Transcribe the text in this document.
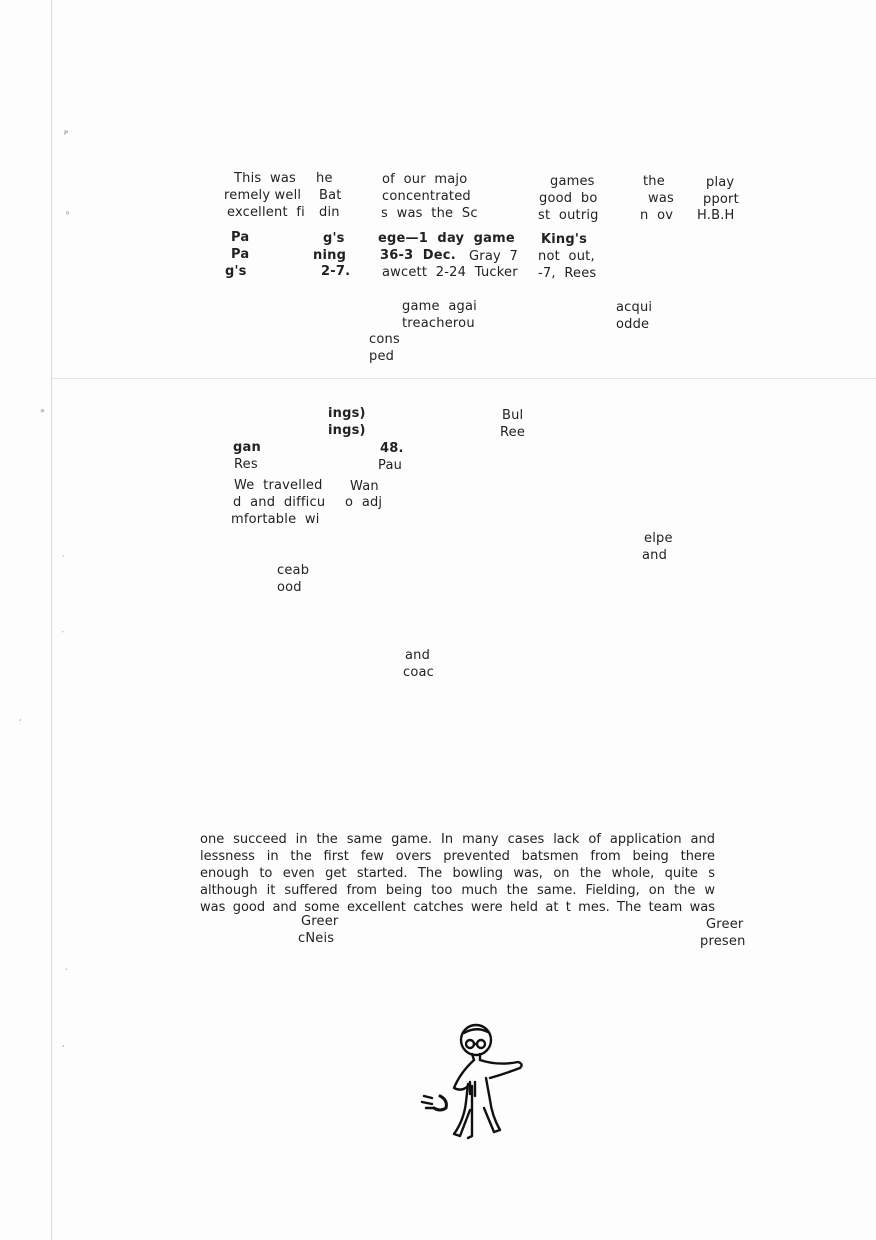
ᴘ
ᴮ
»
·
′
¸
´
ʻ
This  was he	of  our  majo	games	the	play
remely well Bat	concentrated	good  bo	was pport
excellent  fi din	s  was  the  Sc	st  outrig	n  ov H.B.H
Pa	g's	ege—1  day  game King's
Pa	ning	36-3  Dec. Gray  7 not  out,
g's	2-7. awcett  2-24  Tucker -7,  Rees
game  agai
treacherou
acqui
odde
cons
ped
ings)
ings)
Bul
Ree
gan	48.
Res	Pau
We  travelled
d  and  difficu
mfortable  wi
Wan
o  adj
elpe
and
ceab
ood
and
coac
one succeed in the same game. In many cases lack of application and
lessness in the first few overs prevented batsmen from being there
enough to even get started. The bowling was, on the whole, quite s
although it suffered from being too much the same. Fielding, on the w
was good and some excellent catches were held at t mes. The team was
Greer
cNeis
Greer
presen
